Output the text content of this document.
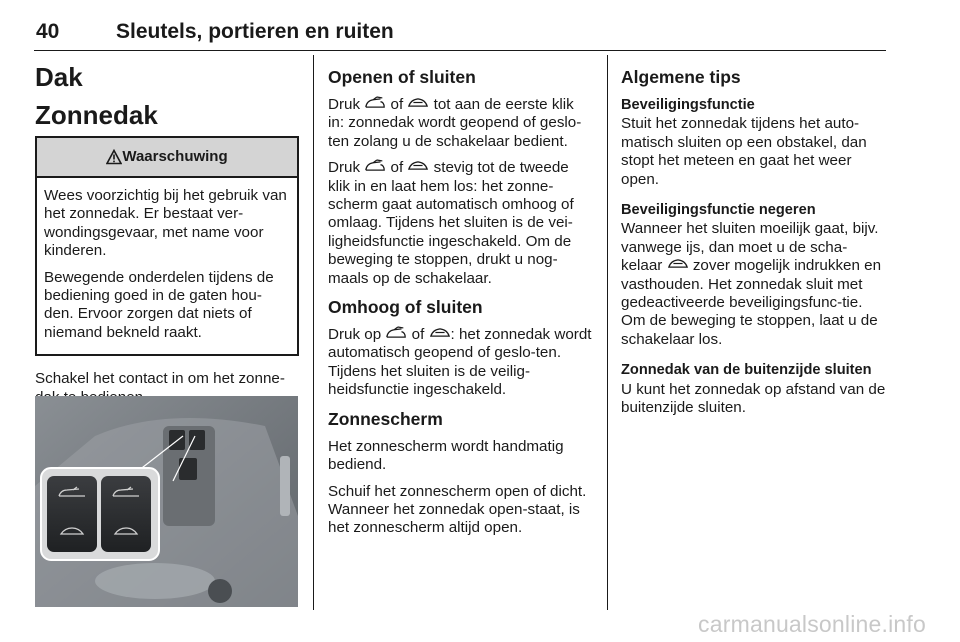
40	Sleutels, portieren en ruiten
Dak
Zonnedak
Waarschuwing

Wees voorzichtig bij het gebruik van het zonnedak. Er bestaat ver-wondingsgevaar, met name voor kinderen.

Bewegende onderdelen tijdens de bediening goed in de gaten hou-den. Ervoor zorgen dat niets of niemand bekneld raakt.

Schakel het contact in om het zonne-

Openen of sluiten

Druk  of  tot aan de eerste klik in: zonnedak wordt geopend of geslo-ten zolang u de schakelaar bedient.

Druk  of  stevig tot de tweede klik in en laat hem los: het zonne-scherm gaat automatisch omhoog of omlaag. Tijdens het sluiten is de vei-ligheidsfunctie ingeschakeld. Om de beweging te stoppen, drukt u nog-maals op de schakelaar.

Omhoog of sluiten

Druk op  of : het zonnedak wordt automatisch geopend of geslo-ten. Tijdens het sluiten is de veilig-heidsfunctie ingeschakeld.

Zonnescherm

Het zonnescherm wordt handmatig bediend.

Schuif het zonnescherm open of dicht. Wanneer het zonnedak open-staat, is het zonnescherm altijd open.

Algemene tips
Beveiligingsfunctie

Stuit het zonnedak tijdens het auto-matisch sluiten op een obstakel, dan stopt het meteen en gaat het weer open.

Beveiligingsfunctie negeren

Wanneer het sluiten moeilijk gaat, bijv. vanwege ijs, dan moet u de scha-kelaar  zover mogelijk indrukken en vasthouden. Het zonnedak sluit met gedeactiveerde beveiligingsfunc-tie. Om de beweging te stoppen, laat u de schakelaar los.

Zonnedak van de buitenzijde sluiten

U kunt het zonnedak op afstand van de buitenzijde sluiten.

carmanualsonline.info
